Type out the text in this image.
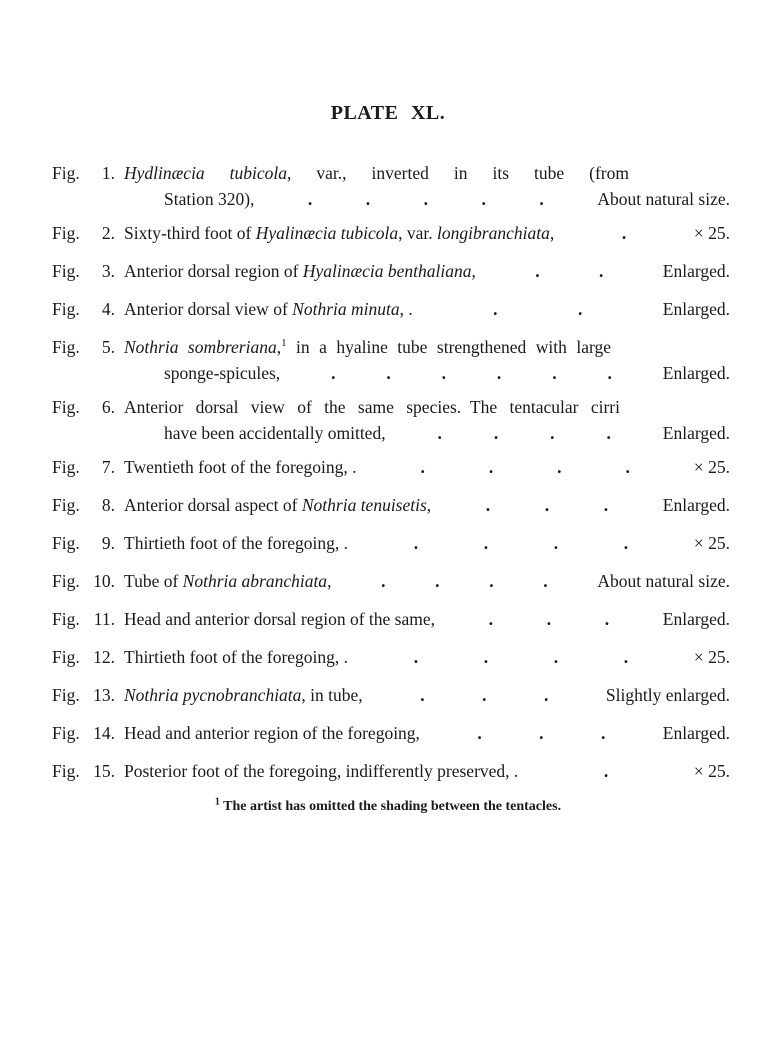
PLATE XL.
Fig. 1. Hydlinæcia tubicola, var., inverted in its tube (from
Station 320),	.	.	.	.	.	About natural size.
Fig. 2. Sixty-third foot of Hyalinæcia tubicola, var. longibranchiata,	.	× 25.
Fig. 3. Anterior dorsal region of Hyalinæcia benthaliana,	.	.	Enlarged.
Fig. 4. Anterior dorsal view of Nothria minuta, .	.	.	Enlarged.
Fig. 5. Nothria sombreriana,$^1$ in a hyaline tube strengthened with large
sponge-spicules,	.	.	.	.	.	.	Enlarged.
Fig. 6. Anterior dorsal view of the same species. The tentacular cirri
have been accidentally omitted,	.	.	.	.	Enlarged.
Fig. 7. Twentieth foot of the foregoing, .	.	.	.	.	× 25.
Fig. 8. Anterior dorsal aspect of Nothria tenuisetis,	.	.	.	Enlarged.
Fig. 9. Thirtieth foot of the foregoing, .	.	.	.	.	× 25.
Fig. 10. Tube of Nothria abranchiata,	.	.	.	.	About natural size.
Fig. 11. Head and anterior dorsal region of the same,	.	.	.	Enlarged.
Fig. 12. Thirtieth foot of the foregoing, .	.	.	.	.	× 25.
Fig. 13. Nothria pycnobranchiata, in tube,	.	.	.	Slightly enlarged.
Fig. 14. Head and anterior region of the foregoing,	.	.	.	Enlarged.
Fig. 15. Posterior foot of the foregoing, indifferently preserved, .	.	× 25.
$^1$ The artist has omitted the shading between the tentacles.
